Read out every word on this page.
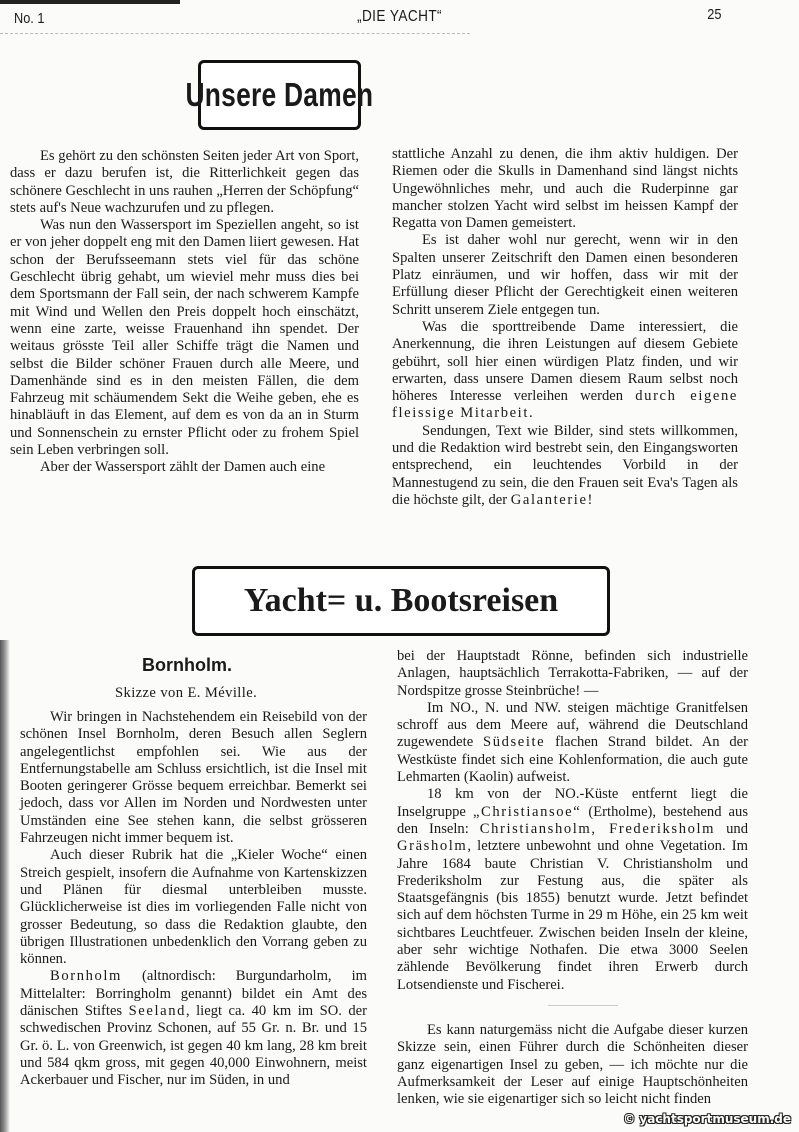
No. 1	„DIE YACHT“	25
Unsere Damen

Es gehört zu den schönsten Seiten jeder Art von Sport, dass er dazu berufen ist, die Ritterlichkeit gegen das schönere Geschlecht in uns rauhen „Herren der Schöpfung“ stets auf's Neue wachzurufen und zu pflegen.

Was nun den Wassersport im Speziellen angeht, so ist er von jeher doppelt eng mit den Damen liiert gewesen. Hat schon der Berufsseemann stets viel für das schöne Geschlecht übrig gehabt, um wieviel mehr muss dies bei dem Sportsmann der Fall sein, der nach schwerem Kampfe mit Wind und Wellen den Preis doppelt hoch einschätzt, wenn eine zarte, weisse Frauenhand ihn spendet. Der weitaus grösste Teil aller Schiffe trägt die Namen und selbst die Bilder schöner Frauen durch alle Meere, und Damenhände sind es in den meisten Fällen, die dem Fahrzeug mit schäumendem Sekt die Weihe geben, ehe es hinabläuft in das Element, auf dem es von da an in Sturm und Sonnenschein zu ernster Pflicht oder zu frohem Spiel sein Leben verbringen soll.

Aber der Wassersport zählt der Damen auch eine

stattliche Anzahl zu denen, die ihm aktiv huldigen. Der Riemen oder die Skulls in Damenhand sind längst nichts Ungewöhnliches mehr, und auch die Ruderpinne gar mancher stolzen Yacht wird selbst im heissen Kampf der Regatta von Damen gemeistert.

Es ist daher wohl nur gerecht, wenn wir in den Spalten unserer Zeitschrift den Damen einen besonderen Platz einräumen, und wir hoffen, dass wir mit der Erfüllung dieser Pflicht der Gerechtigkeit einen weiteren Schritt unserem Ziele entgegen tun.

Was die sporttreibende Dame interessiert, die Anerkennung, die ihren Leistungen auf diesem Gebiete gebührt, soll hier einen würdigen Platz finden, und wir erwarten, dass unsere Damen diesem Raum selbst noch höheres Interesse verleihen werden durch eigene fleissige Mitarbeit.

Sendungen, Text wie Bilder, sind stets willkommen, und die Redaktion wird bestrebt sein, den Eingangsworten entsprechend, ein leuchtendes Vorbild in der Mannestugend zu sein, die den Frauen seit Eva's Tagen als die höchste gilt, der Galanterie!

Yacht= u. Bootsreisen
Bornholm.
Skizze von E. Méville.

Wir bringen in Nachstehendem ein Reisebild von der schönen Insel Bornholm, deren Besuch allen Seglern angelegentlichst empfohlen sei. Wie aus der Entfernungstabelle am Schluss ersichtlich, ist die Insel mit Booten geringerer Grösse bequem erreichbar. Bemerkt sei jedoch, dass vor Allen im Norden und Nordwesten unter Umständen eine See stehen kann, die selbst grösseren Fahrzeugen nicht immer bequem ist.

Auch dieser Rubrik hat die „Kieler Woche“ einen Streich gespielt, insofern die Aufnahme von Kartenskizzen und Plänen für diesmal unterbleiben musste. Glücklicherweise ist dies im vorliegenden Falle nicht von grosser Bedeutung, so dass die Redaktion glaubte, den übrigen Illustrationen unbedenklich den Vorrang geben zu können.

Bornholm (altnordisch: Burgundarholm, im Mittelalter: Borringholm genannt) bildet ein Amt des dänischen Stiftes Seeland, liegt ca. 40 km im SO. der schwedischen Provinz Schonen, auf 55 Gr. n. Br. und 15 Gr. ö. L. von Greenwich, ist gegen 40 km lang, 28 km breit und 584 qkm gross, mit gegen 40,000 Einwohnern, meist Ackerbauer und Fischer, nur im Süden, in und

bei der Hauptstadt Rönne, befinden sich industrielle Anlagen, hauptsächlich Terrakotta-Fabriken, — auf der Nordspitze grosse Steinbrüche! —

Im NO., N. und NW. steigen mächtige Granitfelsen schroff aus dem Meere auf, während die Deutschland zugewendete Südseite flachen Strand bildet. An der Westküste findet sich eine Kohlenformation, die auch gute Lehmarten (Kaolin) aufweist.

18 km von der NO.-Küste entfernt liegt die Inselgruppe „Christiansoe“ (Ertholme), bestehend aus den Inseln: Christiansholm, Frederiksholm und Gräsholm, letztere unbewohnt und ohne Vegetation. Im Jahre 1684 baute Christian V. Christiansholm und Frederiksholm zur Festung aus, die später als Staatsgefängnis (bis 1855) benutzt wurde. Jetzt befindet sich auf dem höchsten Turme in 29 m Höhe, ein 25 km weit sichtbares Leuchtfeuer. Zwischen beiden Inseln der kleine, aber sehr wichtige Nothafen. Die etwa 3000 Seelen zählende Bevölkerung findet ihren Erwerb durch Lotsendienste und Fischerei.

Es kann naturgemäss nicht die Aufgabe dieser kurzen Skizze sein, einen Führer durch die Schönheiten dieser ganz eigenartigen Insel zu geben, — ich möchte nur die Aufmerksamkeit der Leser auf einige Hauptschönheiten lenken, wie sie eigenartiger sich so leicht nicht finden

© yachtsportmuseum.de
